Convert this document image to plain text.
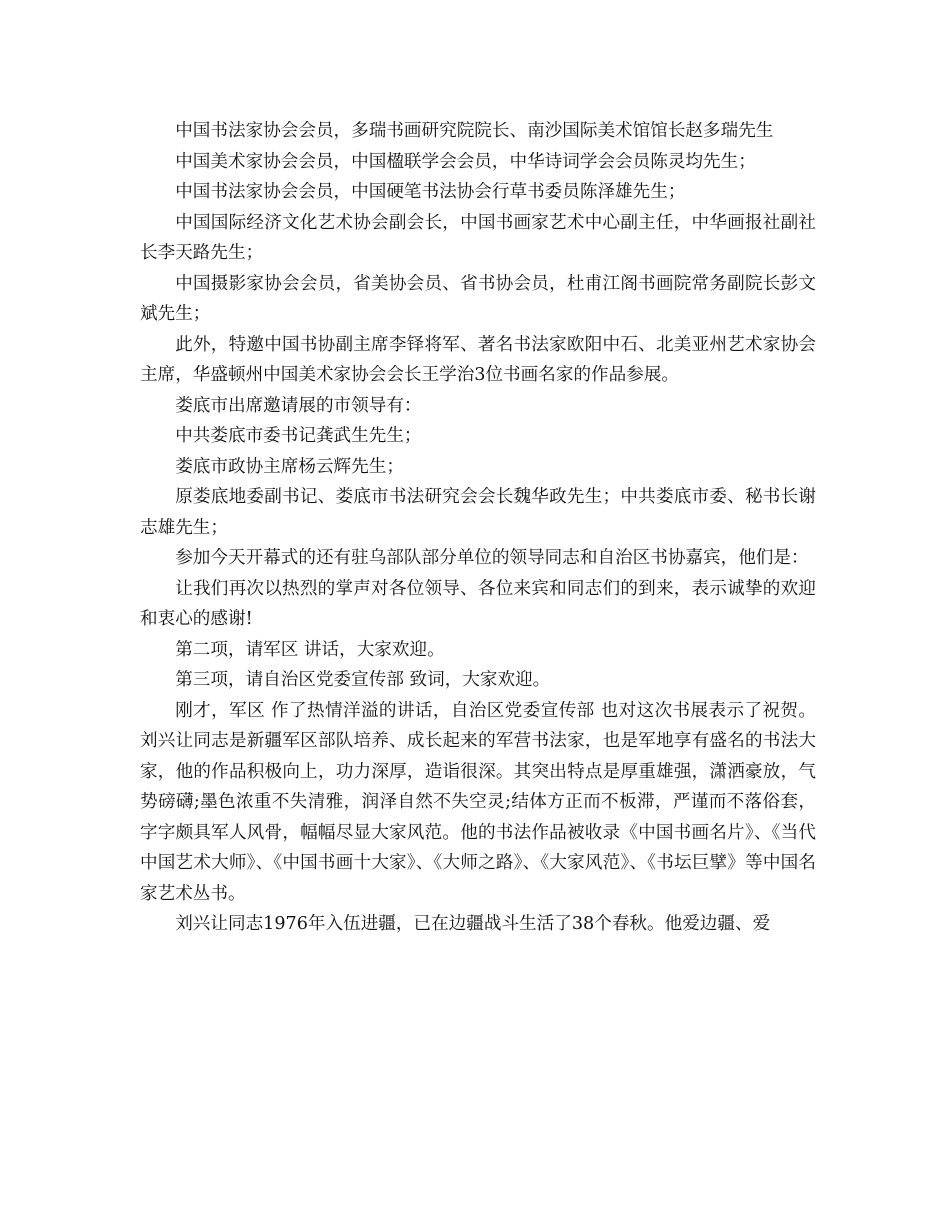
中国书法家协会会员，多瑞书画研究院院长、南沙国际美术馆馆长赵多瑞先生

中国美术家协会会员，中国楹联学会会员，中华诗词学会会员陈灵均先生；

中国书法家协会会员，中国硬笔书法协会行草书委员陈泽雄先生；

中国国际经济文化艺术协会副会长，中国书画家艺术中心副主任，中华画报社副社长李天路先生；

中国摄影家协会会员，省美协会员、省书协会员，杜甫江阁书画院常务副院长彭文斌先生；

此外，特邀中国书协副主席李铎将军、著名书法家欧阳中石、北美亚州艺术家协会主席，华盛顿州中国美术家协会会长王学治3位书画名家的作品参展。

娄底市出席邀请展的市领导有：

中共娄底市委书记龚武生先生；

娄底市政协主席杨云辉先生；

原娄底地委副书记、娄底市书法研究会会长魏华政先生；中共娄底市委、秘书长谢志雄先生；

参加今天开幕式的还有驻乌部队部分单位的领导同志和自治区书协嘉宾，他们是：

让我们再次以热烈的掌声对各位领导、各位来宾和同志们的到来，表示诚挚的欢迎和衷心的感谢!

第二项，请军区 讲话，大家欢迎。

第三项，请自治区党委宣传部 致词，大家欢迎。

刚才，军区 作了热情洋溢的讲话，自治区党委宣传部 也对这次书展表示了祝贺。刘兴让同志是新疆军区部队培养、成长起来的军营书法家，也是军地享有盛名的书法大家，他的作品积极向上，功力深厚，造诣很深。其突出特点是厚重雄强，潇洒豪放，气势磅礴;墨色浓重不失清雅，润泽自然不失空灵;结体方正而不板滞，严谨而不落俗套，字字颇具军人风骨，幅幅尽显大家风范。他的书法作品被收录《中国书画名片》、《当代中国艺术大师》、《中国书画十大家》、《大师之路》、《大家风范》、《书坛巨擘》等中国名家艺术丛书。

刘兴让同志1976年入伍进疆，已在边疆战斗生活了38个春秋。他爱边疆、爱
